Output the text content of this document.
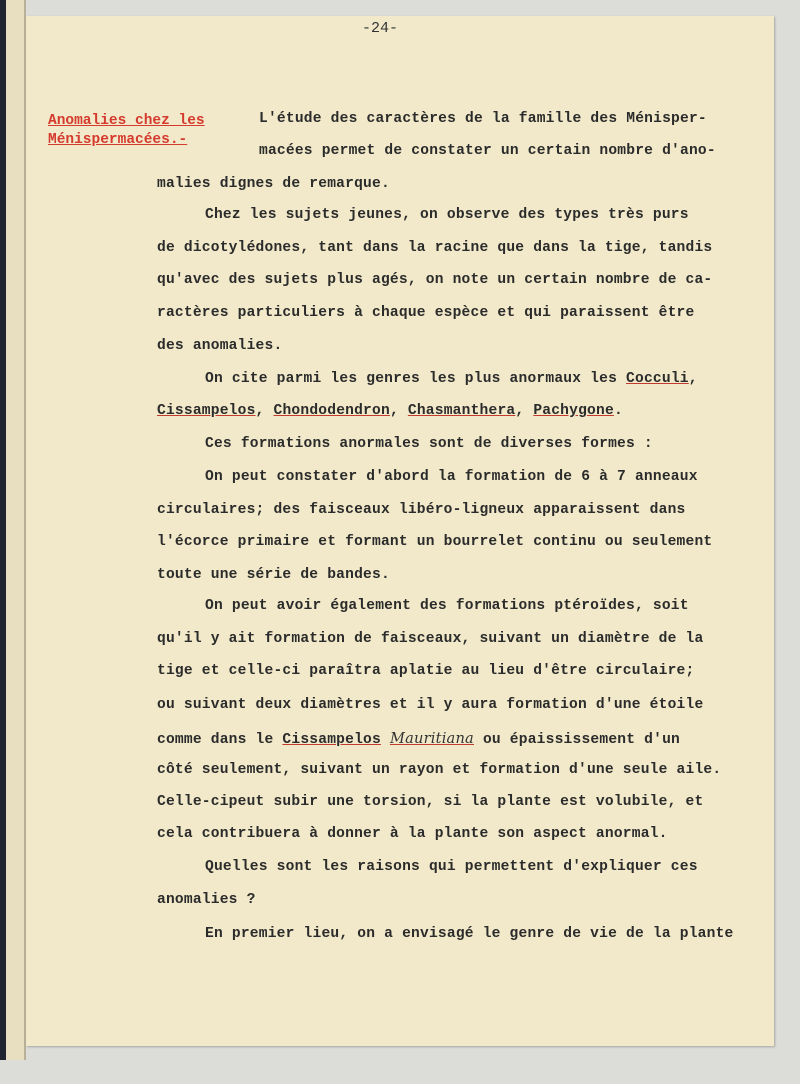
-24-
Anomalies chez les
Ménispermacées.-
L'étude des caractères de la famille des Ménisper-
macées permet de constater un certain nombre d'ano-
malies dignes de remarque.
Chez les sujets jeunes, on observe des types très purs
de dicotylédones, tant dans la racine que dans la tige, tandis
qu'avec des sujets plus agés, on note un certain nombre de ca-
ractères particuliers à chaque espèce et qui paraissent être
des anomalies.
On cite parmi les genres les plus anormaux les Cocculi,
Cissampelos, Chondodendron, Chasmanthera, Pachygone.
Ces formations anormales sont de diverses formes :
On peut constater d'abord la formation de 6 à 7 anneaux
circulaires; des faisceaux libéro-ligneux apparaissent dans
l'écorce primaire et formant un bourrelet continu ou seulement
toute une série de bandes.
On peut avoir également des formations ptéroïdes, soit
qu'il y ait formation de faisceaux, suivant un diamètre de la
tige et celle-ci paraîtra aplatie au lieu d'être circulaire;
ou suivant deux diamètres et il y aura formation d'une étoile
comme dans le Cissampelos Mauritiana ou épaississement d'un
côté seulement, suivant un rayon et formation d'une seule aile.
Celle-cipeut subir une torsion, si la plante est volubile, et
cela contribuera à donner à la plante son aspect anormal.
Quelles sont les raisons qui permettent d'expliquer ces
anomalies ?
En premier lieu, on a envisagé le genre de vie de la plante
